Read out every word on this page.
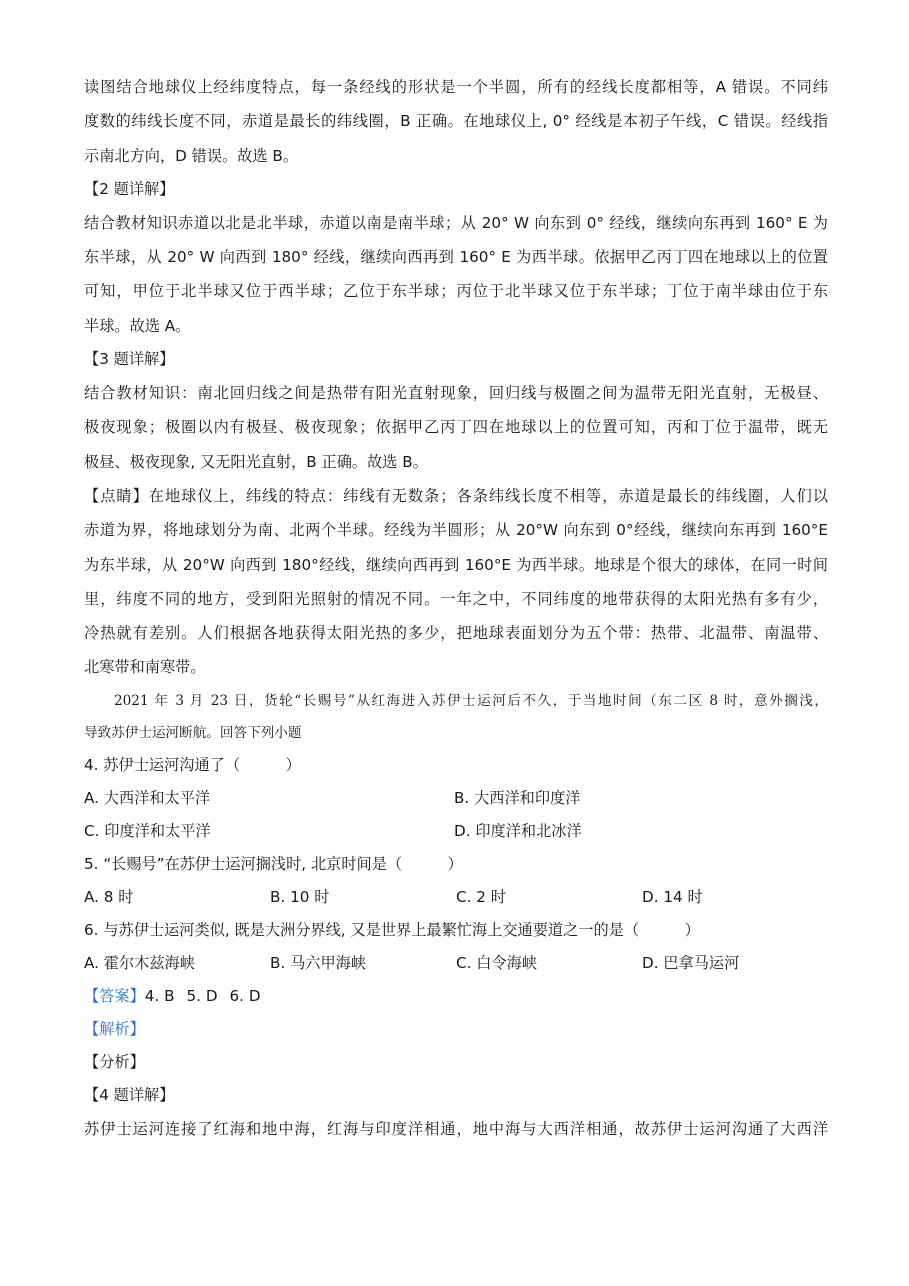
读图结合地球仪上经纬度特点，每一条经线的形状是一个半圆，所有的经线长度都相等，A 错误。不同纬
度数的纬线长度不同，赤道是最长的纬线圈，B 正确。在地球仪上, 0° 经线是本初子午线，C 错误。经线指
示南北方向，D 错误。故选 B。
【2 题详解】
结合教材知识赤道以北是北半球，赤道以南是南半球；从 20° W 向东到 0° 经线，继续向东再到 160° E 为
东半球，从 20° W 向西到 180° 经线，继续向西再到 160° E 为西半球。依据甲乙丙丁四在地球以上的位置
可知，甲位于北半球又位于西半球；乙位于东半球；丙位于北半球又位于东半球；丁位于南半球由位于东
半球。故选 A。
【3 题详解】
结合教材知识：南北回归线之间是热带有阳光直射现象，回归线与极圈之间为温带无阳光直射，无极昼、
极夜现象；极圈以内有极昼、极夜现象；依据甲乙丙丁四在地球以上的位置可知，丙和丁位于温带，既无
极昼、极夜现象, 又无阳光直射，B 正确。故选 B。
【点睛】在地球仪上，纬线的特点：纬线有无数条；各条纬线长度不相等，赤道是最长的纬线圈，人们以
赤道为界，将地球划分为南、北两个半球。经线为半圆形；从 20°W 向东到 0°经线，继续向东再到 160°E
为东半球，从 20°W 向西到 180°经线，继续向西再到 160°E 为西半球。地球是个很大的球体，在同一时间
里，纬度不同的地方，受到阳光照射的情况不同。一年之中，不同纬度的地带获得的太阳光热有多有少，
冷热就有差别。人们根据各地获得太阳光热的多少，把地球表面划分为五个带：热带、北温带、南温带、
北寒带和南寒带。
2021 年 3 月 23 日，货轮“长赐号”从红海进入苏伊士运河后不久，于当地时间（东二区 8 时，意外搁浅，
导致苏伊士运河断航。回答下列小题
4. 苏伊士运河沟通了（　　　）
A. 大西洋和太平洋	B. 大西洋和印度洋
C. 印度洋和太平洋	D. 印度洋和北冰洋
5. “长赐号”在苏伊士运河搁浅时, 北京时间是（　　　）
A. 8 时	B. 10 时	C. 2 时	D. 14 时
6. 与苏伊士运河类似, 既是大洲分界线, 又是世界上最繁忙海上交通要道之一的是（　　　）
A. 霍尔木兹海峡	B. 马六甲海峡	C. 白令海峡	D. 巴拿马运河
【答案】4. B 5. D 6. D
【解析】
【分析】
【4 题详解】
苏伊士运河连接了红海和地中海，红海与印度洋相通，地中海与大西洋相通，故苏伊士运河沟通了大西洋
